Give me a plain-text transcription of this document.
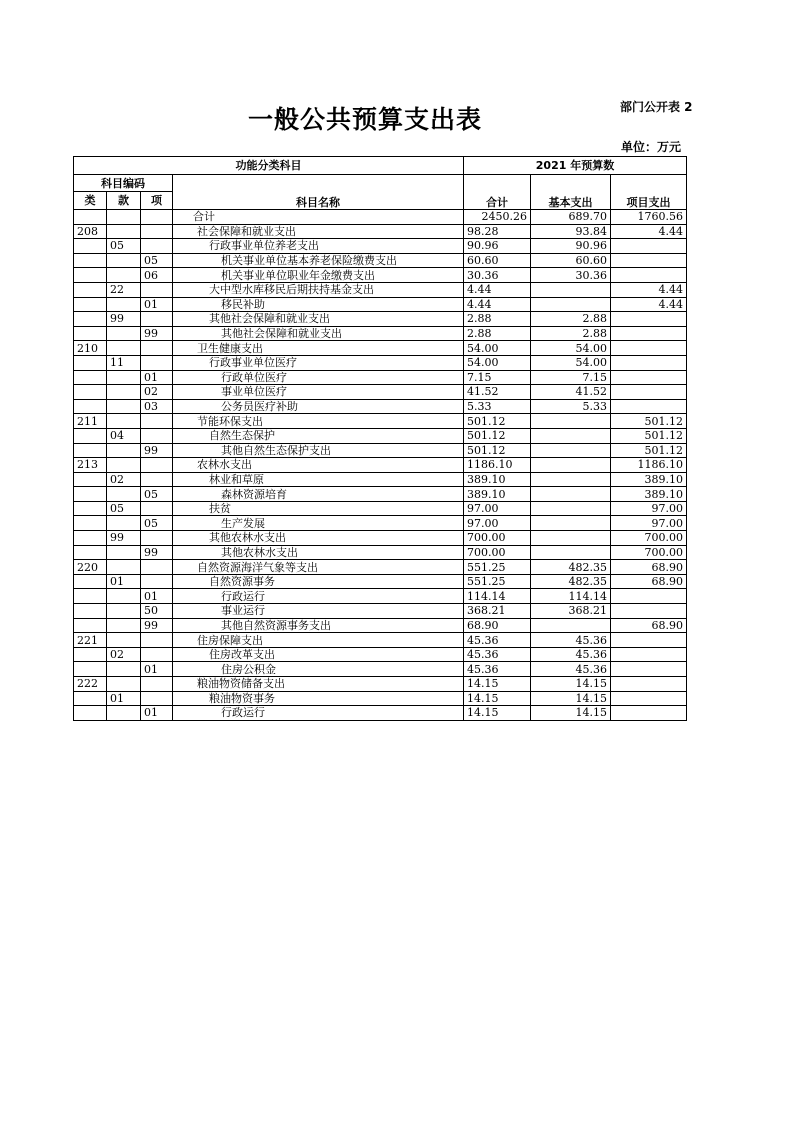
部门公开表 2
一般公共预算支出表
单位：万元
功能分类科目				2021 年预算数		
科目编码			科目名称	合计	基本支出	项目支出
类	款	项				
			合计	2450.26	689.70	1760.56
208			社会保障和就业支出	98.28	93.84	4.44
	05		行政事业单位养老支出	90.96	90.96	
		05	机关事业单位基本养老保险缴费支出	60.60	60.60	
		06	机关事业单位职业年金缴费支出	30.36	30.36	
	22		大中型水库移民后期扶持基金支出	4.44		4.44
		01	移民补助	4.44		4.44
	99		其他社会保障和就业支出	2.88	2.88	
		99	其他社会保障和就业支出	2.88	2.88	
210			卫生健康支出	54.00	54.00	
	11		行政事业单位医疗	54.00	54.00	
		01	行政单位医疗	7.15	7.15	
		02	事业单位医疗	41.52	41.52	
		03	公务员医疗补助	5.33	5.33	
211			节能环保支出	501.12		501.12
	04		自然生态保护	501.12		501.12
		99	其他自然生态保护支出	501.12		501.12
213			农林水支出	1186.10		1186.10
	02		林业和草原	389.10		389.10
		05	森林资源培育	389.10		389.10
	05		扶贫	97.00		97.00
		05	生产发展	97.00		97.00
	99		其他农林水支出	700.00		700.00
		99	其他农林水支出	700.00		700.00
220			自然资源海洋气象等支出	551.25	482.35	68.90
	01		自然资源事务	551.25	482.35	68.90
		01	行政运行	114.14	114.14	
		50	事业运行	368.21	368.21	
		99	其他自然资源事务支出	68.90		68.90
221			住房保障支出	45.36	45.36	
	02		住房改革支出	45.36	45.36	
		01	住房公积金	45.36	45.36	
222			粮油物资储备支出	14.15	14.15	
	01		粮油物资事务	14.15	14.15	
		01	行政运行	14.15	14.15	
